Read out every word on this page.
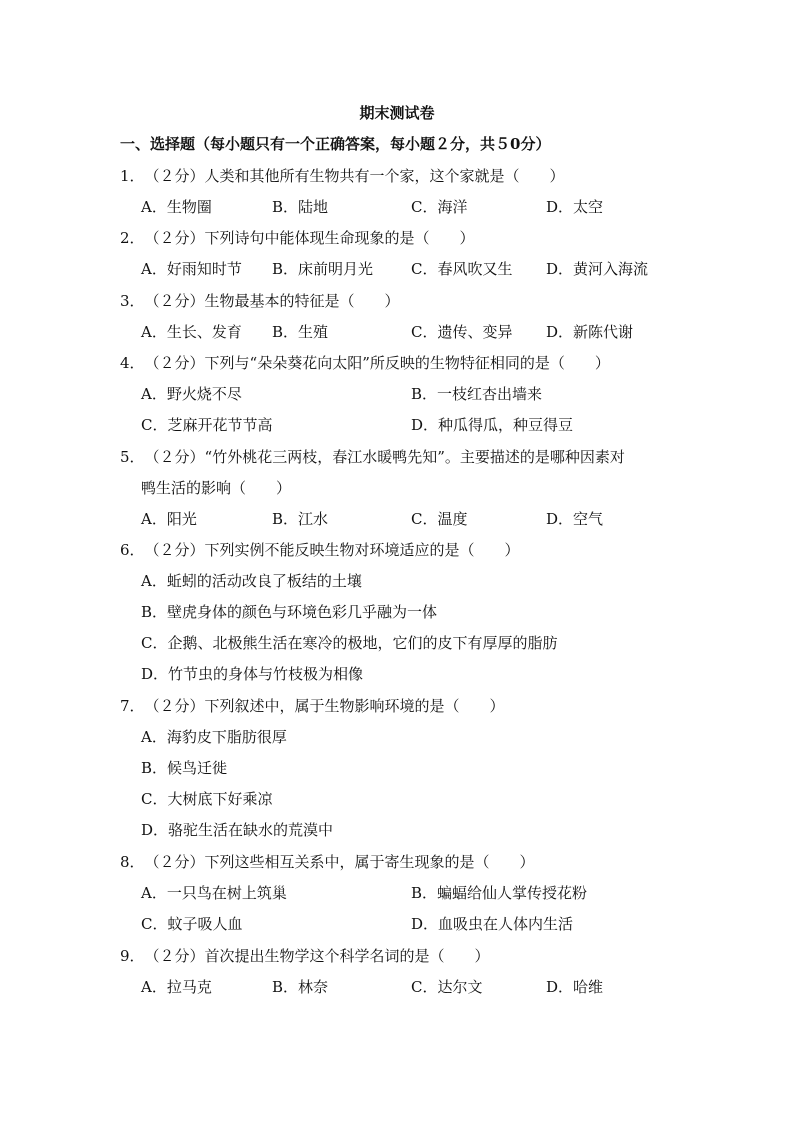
期末测试卷
一、选择题（每小题只有一个正确答案，每小题２分，共５0分）
1．（２分）人类和其他所有生物共有一个家，这个家就是（　　）
A．生物圈	B．陆地	C．海洋	D．太空
2．（２分）下列诗句中能体现生命现象的是（　　）
A．好雨知时节 B．床前明月光	C．春风吹又生 D．黄河入海流
3．（２分）生物最基本的特征是（　　）
A．生长、发育 B．生殖	C．遗传、变异 D．新陈代谢
4．（２分）下列与“朵朵葵花向太阳”所反映的生物特征相同的是（　　）
A．野火烧不尽	B．一枝红杏出墙来
C．芝麻开花节节高	D．种瓜得瓜，种豆得豆
5．（２分）“竹外桃花三两枝，春江水暖鸭先知”。主要描述的是哪种因素对
鸭生活的影响（　　）
A．阳光	B．江水	C．温度	D．空气
6．（２分）下列实例不能反映生物对环境适应的是（　　）
A．蚯蚓的活动改良了板结的土壤
B．壁虎身体的颜色与环境色彩几乎融为一体
C．企鹅、北极熊生活在寒冷的极地，它们的皮下有厚厚的脂肪
D．竹节虫的身体与竹枝极为相像
7．（２分）下列叙述中，属于生物影响环境的是（　　）
A．海豹皮下脂肪很厚
B．候鸟迁徙
C．大树底下好乘凉
D．骆驼生活在缺水的荒漠中
8．（２分）下列这些相互关系中，属于寄生现象的是（　　）
A．一只鸟在树上筑巢	B．蝙蝠给仙人掌传授花粉
C．蚊子吸人血	D．血吸虫在人体内生活
9．（２分）首次提出生物学这个科学名词的是（　　）
A．拉马克	B．林奈	C．达尔文	D．哈维
